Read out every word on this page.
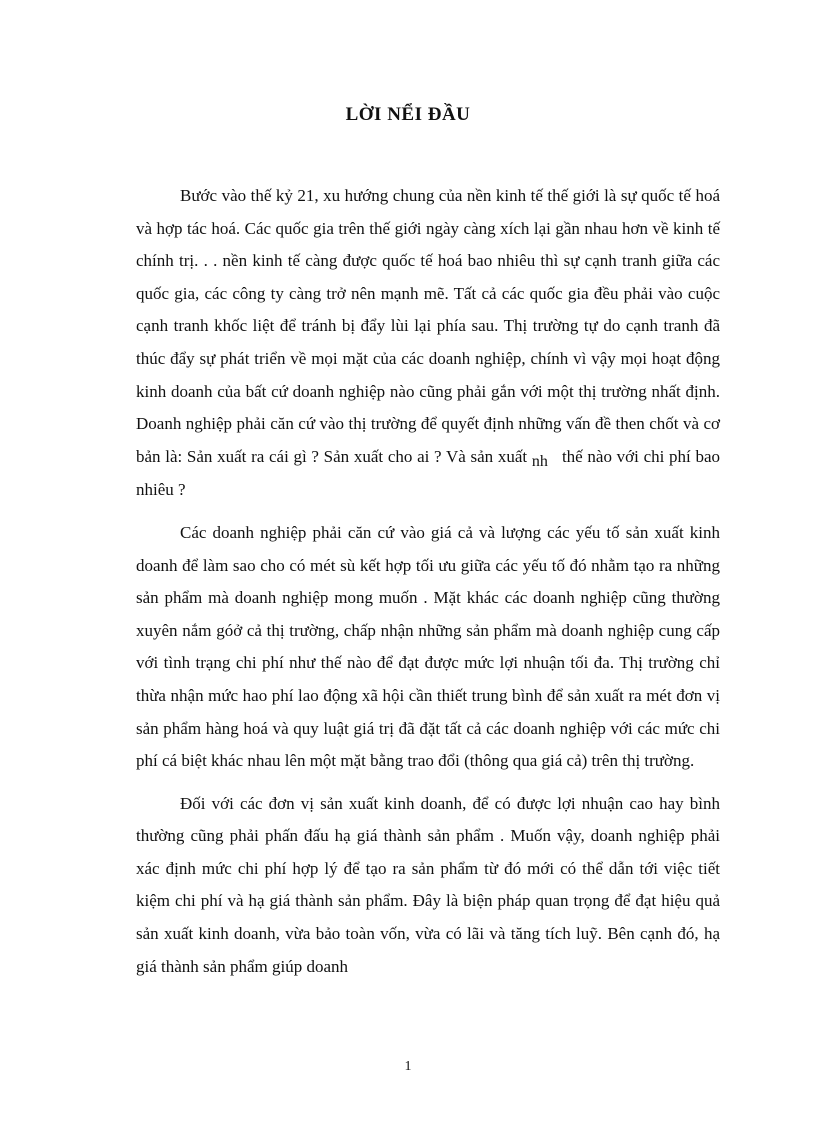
LỜI NỂI ĐẦU

Bước vào thế kỷ 21, xu hướng chung của nền kinh tế thế giới là sự quốc tế hoá và hợp tác hoá. Các quốc gia trên thế giới ngày càng xích lại gần nhau hơn về kinh tế chính trị. . . nền kinh tế càng được quốc tế hoá bao nhiêu thì sự cạnh tranh giữa các quốc gia, các công ty càng trở nên mạnh mẽ. Tất cả các quốc gia đều phải vào cuộc cạnh tranh khốc liệt để tránh bị đẩy lùi lại phía sau. Thị trường tự do cạnh tranh đã thúc đẩy sự phát triển về mọi mặt của các doanh nghiệp, chính vì vậy mọi hoạt động kinh doanh của bất cứ doanh nghiệp nào cũng phải gắn với một thị trường nhất định. Doanh nghiệp phải căn cứ vào thị trường để quyết định những vấn đề then chốt và cơ bản là: Sản xuất ra cái gì ? Sản xuất cho ai ? Và sản xuất nh thế nào với chi phí bao nhiêu ?

Các doanh nghiệp phải căn cứ vào giá cả và lượng các yếu tố sản xuất kinh doanh để làm sao cho có mét sù kết hợp tối ưu giữa các yếu tố đó nhằm tạo ra những sản phẩm mà doanh nghiệp mong muốn . Mặt khác các doanh nghiệp cũng thường xuyên nắm góở cả thị trường, chấp nhận những sản phẩm mà doanh nghiệp cung cấp với tình trạng chi phí như thế nào để đạt được mức lợi nhuận tối đa. Thị trường chỉ thừa nhận mức hao phí lao động xã hội cần thiết trung bình để sản xuất ra mét đơn vị sản phẩm hàng hoá và quy luật giá trị đã đặt tất cả các doanh nghiệp với các mức chi phí cá biệt khác nhau lên một mặt bằng trao đổi (thông qua giá cả) trên thị trường.

Đối với các đơn vị sản xuất kinh doanh, để có được lợi nhuận cao hay bình thường cũng phải phấn đấu hạ giá thành sản phẩm . Muốn vậy, doanh nghiệp phải xác định mức chi phí hợp lý để tạo ra sản phẩm từ đó mới có thể dẫn tới việc tiết kiệm chi phí và hạ giá thành sản phẩm. Đây là biện pháp quan trọng để đạt hiệu quả sản xuất kinh doanh, vừa bảo toàn vốn, vừa có lãi và tăng tích luỹ. Bên cạnh đó, hạ giá thành sản phẩm giúp doanh

1
